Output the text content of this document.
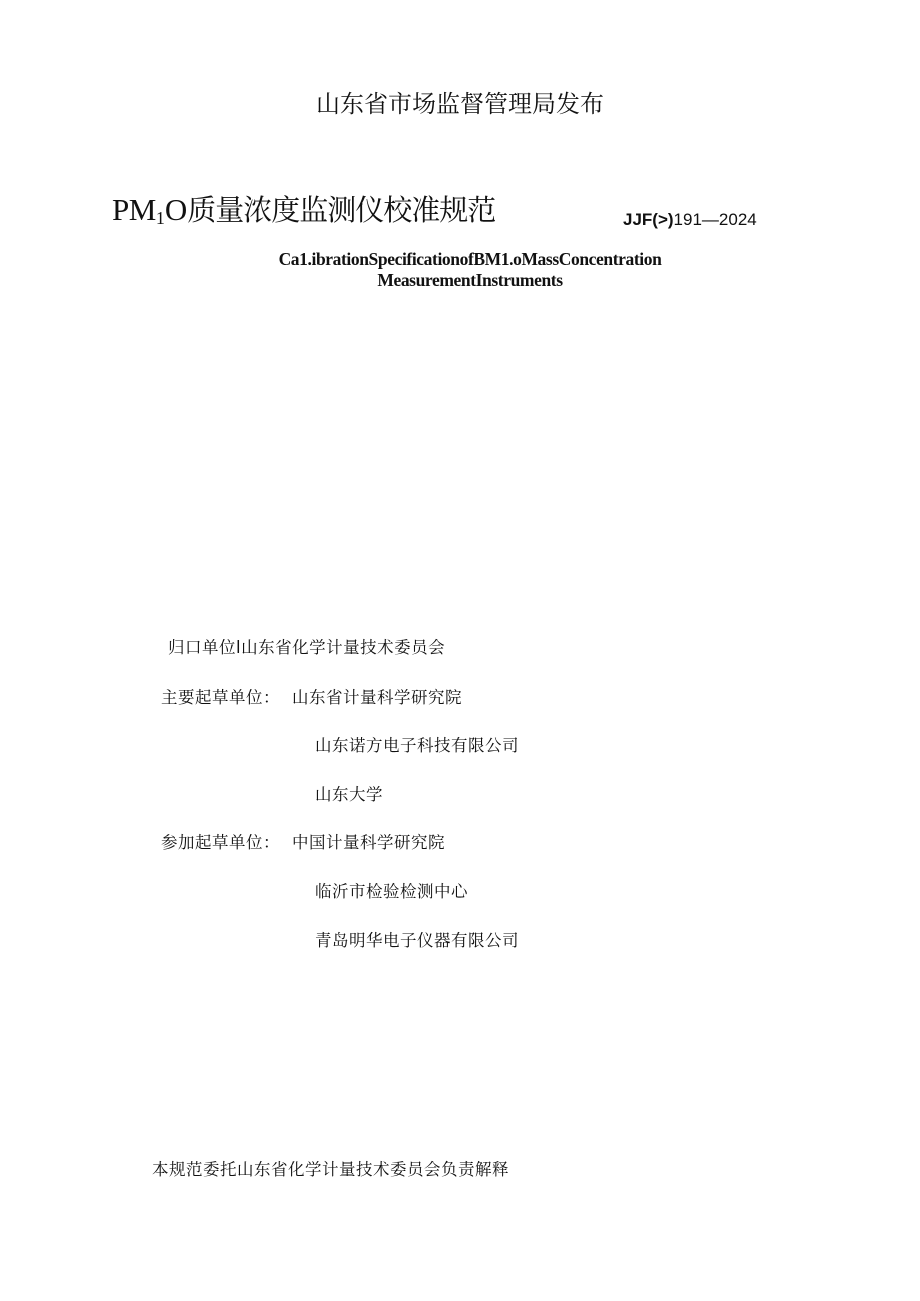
山东省市场监督管理局发布
PM1O质量浓度监测仪校准规范	JJF(>)191—2024
Ca1.ibrationSpecificationofBM1.oMassConcentration
MeasurementInstruments
归口单位l山东省化学计量技术委员会
主要起草单位： 山东省计量科学研究院
山东诺方电子科技有限公司
山东大学
参加起草单位： 中国计量科学研究院
临沂市检验检测中心
青岛明华电子仪器有限公司
本规范委托山东省化学计量技术委员会负责解释
